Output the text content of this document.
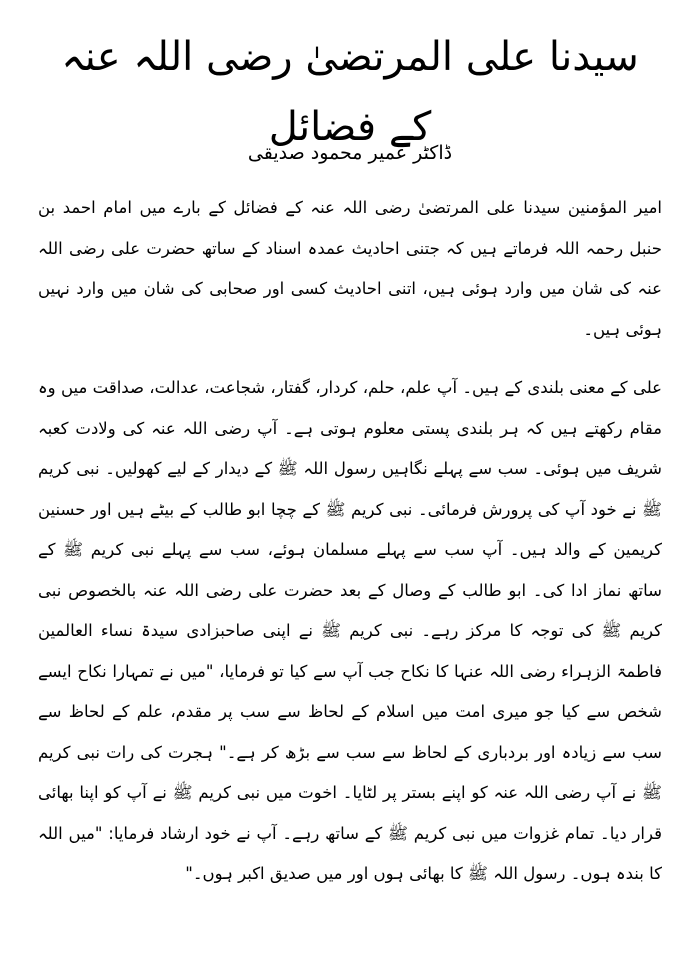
سیدنا علی المرتضیٰ رضی اللہ عنہ کے فضائل
ڈاکٹر عمیر محمود صدیقی

امیر المؤمنین سیدنا علی المرتضیٰ رضی اللہ عنہ کے فضائل کے بارے میں امام احمد بن حنبل رحمہ اللہ فرماتے ہیں کہ جتنی احادیث عمدہ اسناد کے ساتھ حضرت علی رضی اللہ عنہ کی شان میں وارد ہوئی ہیں، اتنی احادیث کسی اور صحابی کی شان میں وارد نہیں ہوئی ہیں۔

علی کے معنی بلندی کے ہیں۔ آپ علم، حلم، کردار، گفتار، شجاعت، عدالت، صداقت میں وہ مقام رکھتے ہیں کہ ہر بلندی پستی معلوم ہوتی ہے۔ آپ رضی اللہ عنہ کی ولادت کعبہ شریف میں ہوئی۔ سب سے پہلے نگاہیں رسول اللہ ﷺ کے دیدار کے لیے کھولیں۔ نبی کریم ﷺ نے خود آپ کی پرورش فرمائی۔ نبی کریم ﷺ کے چچا ابو طالب کے بیٹے ہیں اور حسنین کریمین کے والد ہیں۔ آپ سب سے پہلے مسلمان ہوئے، سب سے پہلے نبی کریم ﷺ کے ساتھ نماز ادا کی۔ ابو طالب کے وصال کے بعد حضرت علی رضی اللہ عنہ بالخصوص نبی کریم ﷺ کی توجہ کا مرکز رہے۔ نبی کریم ﷺ نے اپنی صاحبزادی سیدۃ نساء العالمین فاطمۃ الزہراء رضی اللہ عنہا کا نکاح جب آپ سے کیا تو فرمایا، "میں نے تمہارا نکاح ایسے شخص سے کیا جو میری امت میں اسلام کے لحاظ سے سب پر مقدم، علم کے لحاظ سے سب سے زیادہ اور بردباری کے لحاظ سے سب سے بڑھ کر ہے۔" ہجرت کی رات نبی کریم ﷺ نے آپ رضی اللہ عنہ کو اپنے بستر پر لٹایا۔ اخوت میں نبی کریم ﷺ نے آپ کو اپنا بھائی قرار دیا۔ تمام غزوات میں نبی کریم ﷺ کے ساتھ رہے۔ آپ نے خود ارشاد فرمایا: "میں اللہ کا بندہ ہوں۔ رسول اللہ ﷺ کا بھائی ہوں اور میں صدیق اکبر ہوں۔"
